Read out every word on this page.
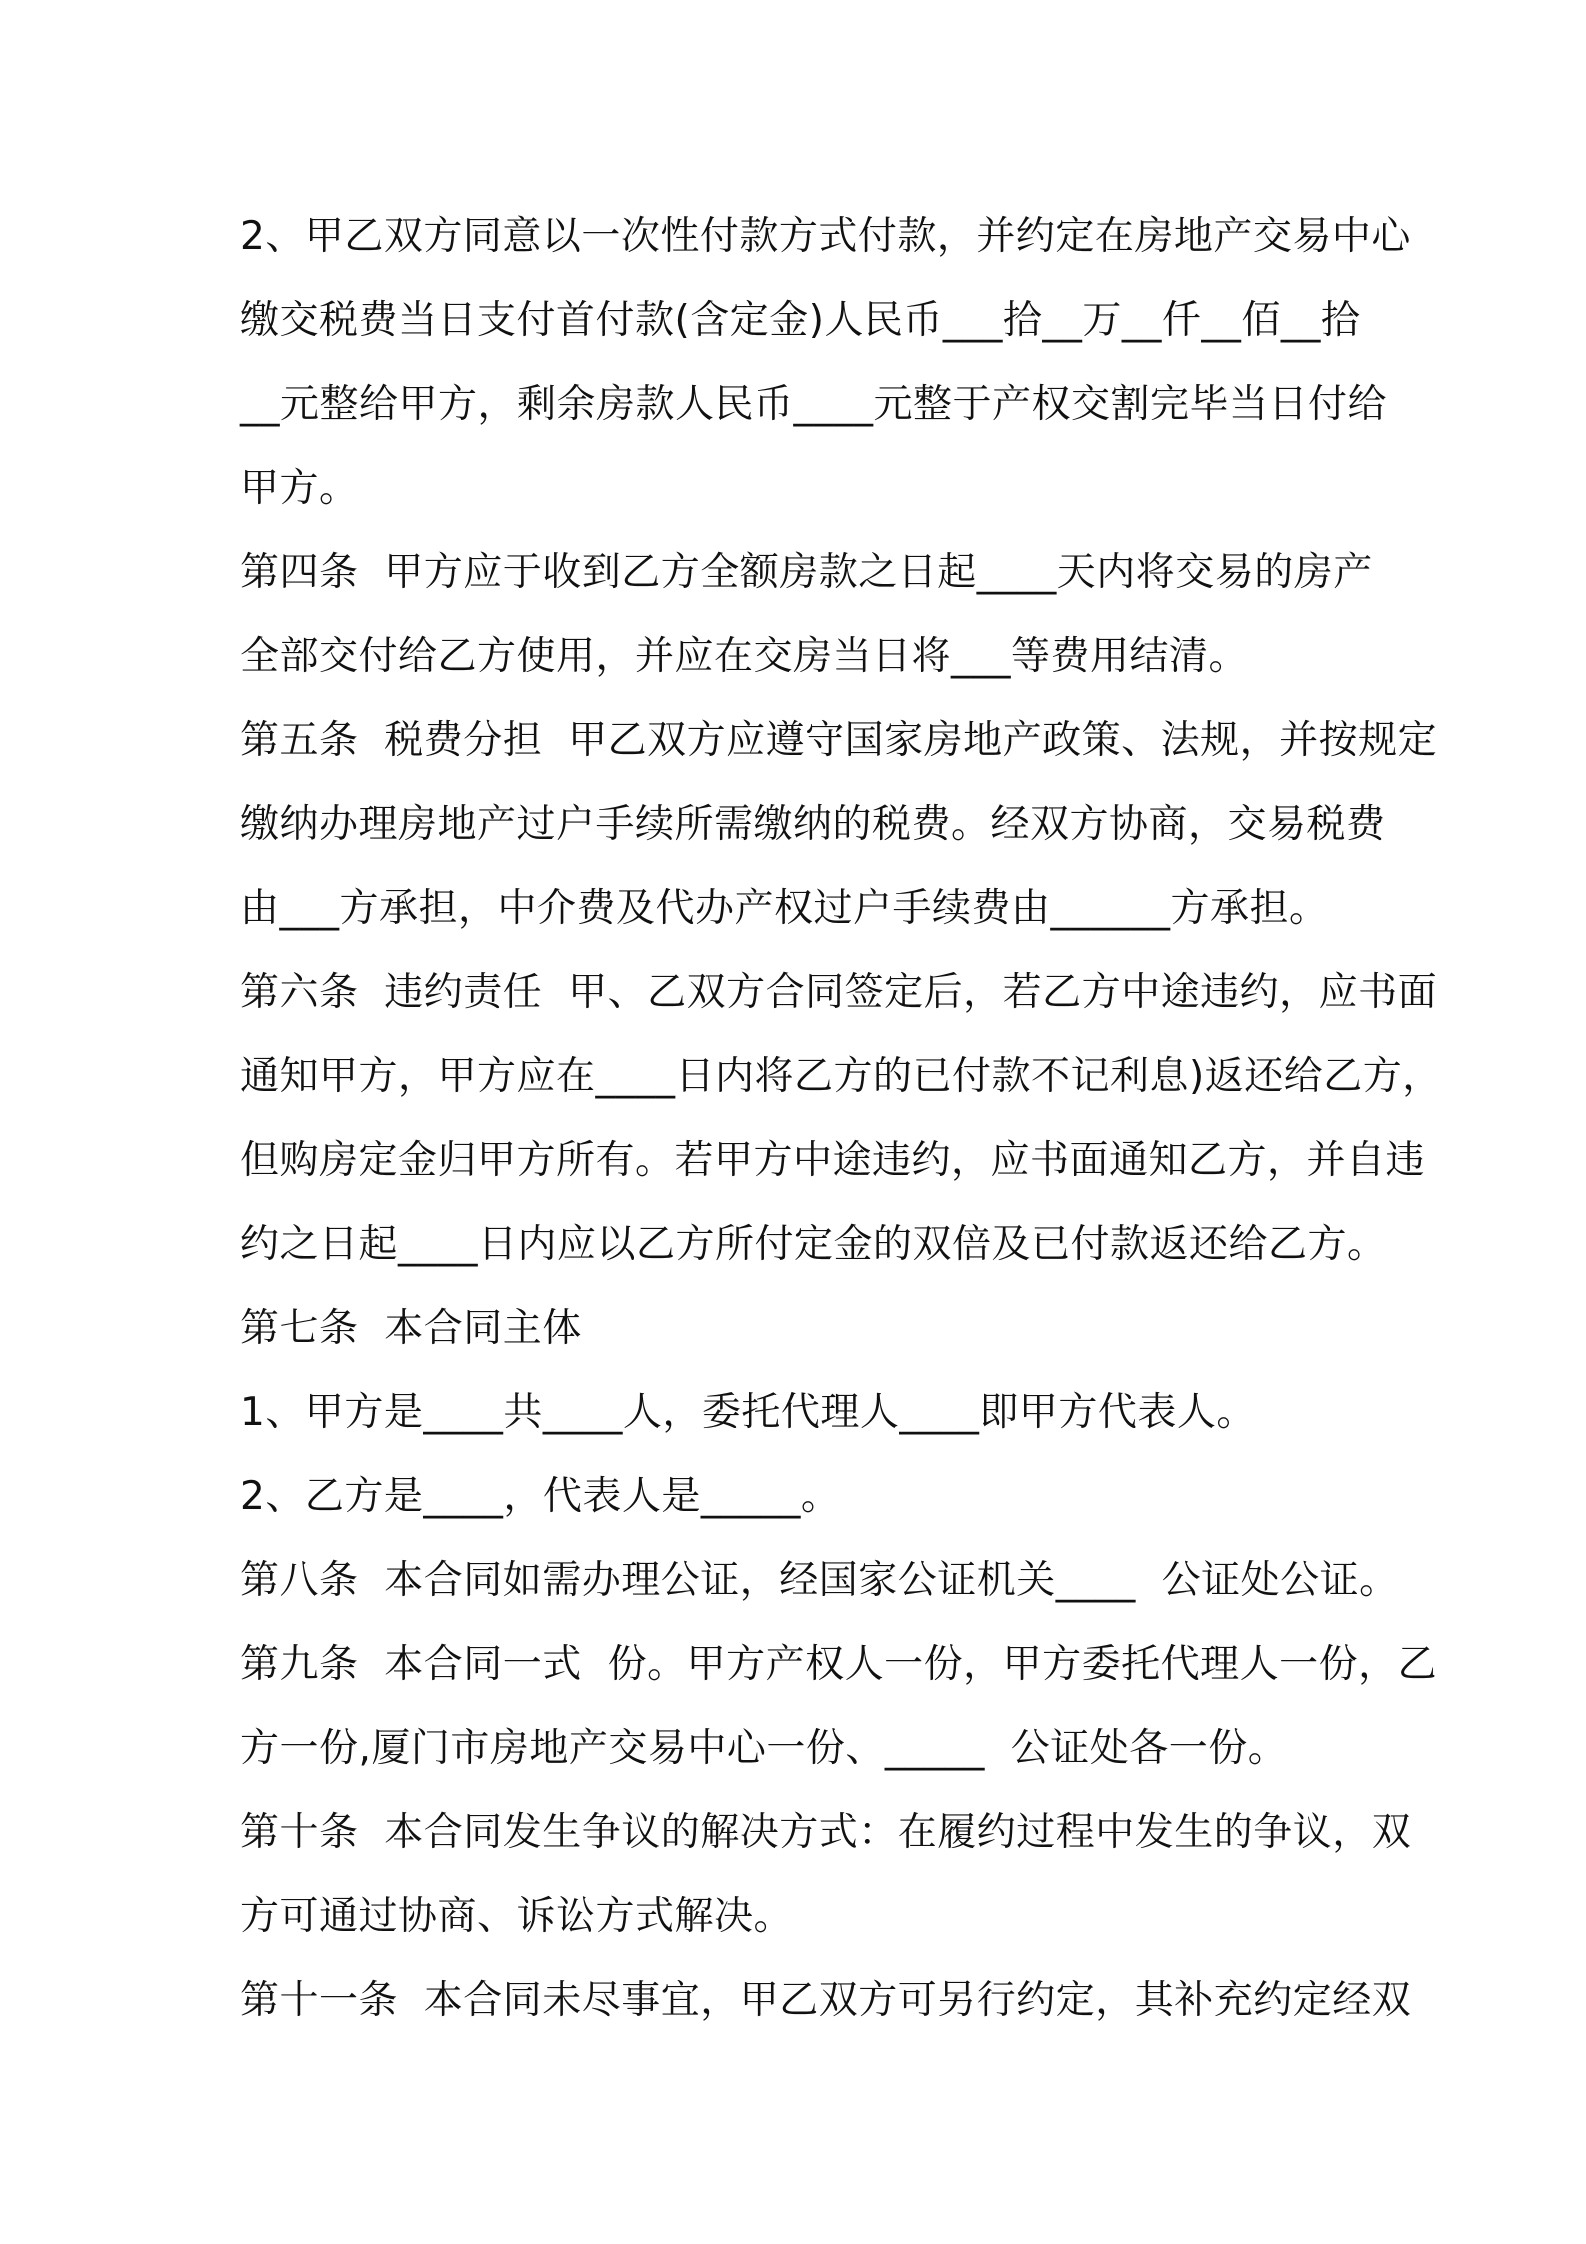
2、甲乙双方同意以一次性付款方式付款，并约定在房地产交易中心
缴交税费当日支付首付款(含定金)人民币___拾__万__仟__佰__拾
__元整给甲方，剩余房款人民币____元整于产权交割完毕当日付给
甲方。
第四条  甲方应于收到乙方全额房款之日起____天内将交易的房产
全部交付给乙方使用，并应在交房当日将___等费用结清。
第五条  税费分担  甲乙双方应遵守国家房地产政策、法规，并按规定
缴纳办理房地产过户手续所需缴纳的税费。经双方协商，交易税费
由___方承担，中介费及代办产权过户手续费由______方承担。
第六条  违约责任  甲、乙双方合同签定后，若乙方中途违约，应书面
通知甲方，甲方应在____日内将乙方的已付款不记利息)返还给乙方，
但购房定金归甲方所有。若甲方中途违约，应书面通知乙方，并自违
约之日起____日内应以乙方所付定金的双倍及已付款返还给乙方。
第七条  本合同主体
1、甲方是____共____人，委托代理人____即甲方代表人。
2、乙方是____，代表人是_____。
第八条  本合同如需办理公证，经国家公证机关____  公证处公证。
第九条  本合同一式  份。甲方产权人一份，甲方委托代理人一份，乙
方一份,厦门市房地产交易中心一份、_____  公证处各一份。
第十条  本合同发生争议的解决方式：在履约过程中发生的争议，双
方可通过协商、诉讼方式解决。
第十一条  本合同未尽事宜，甲乙双方可另行约定，其补充约定经双
